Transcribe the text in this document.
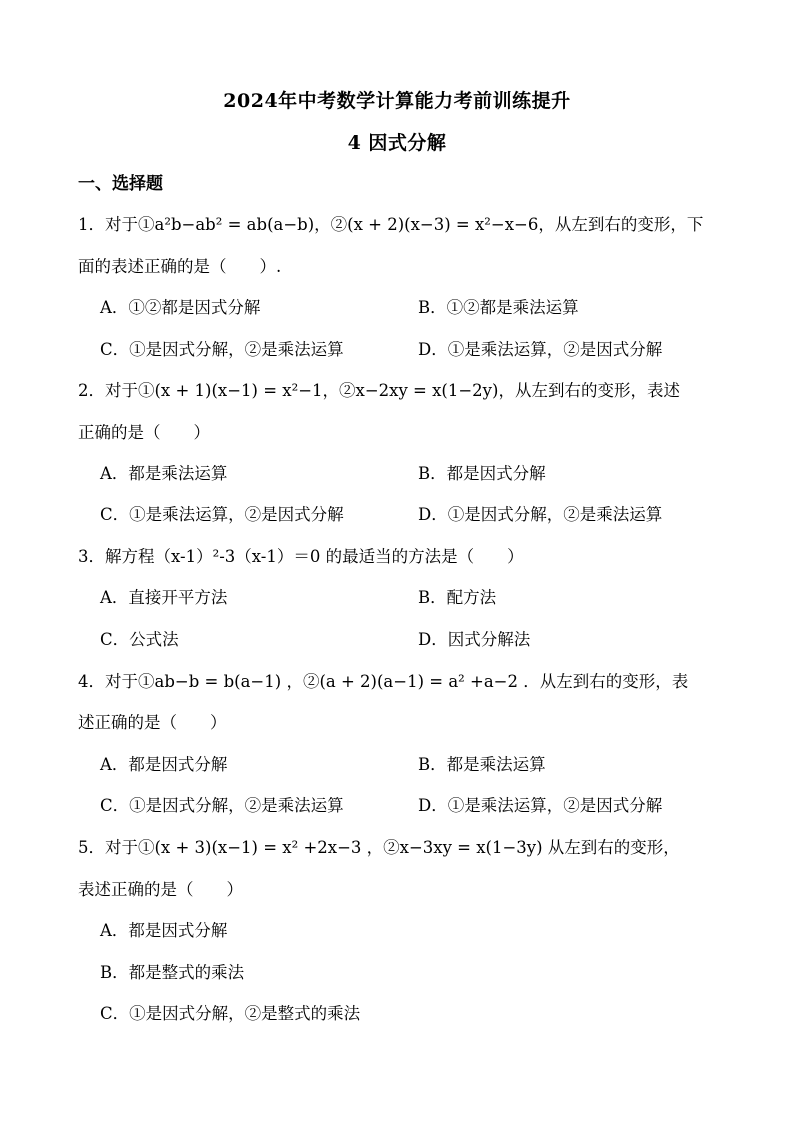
2024年中考数学计算能力考前训练提升
4 因式分解
一、选择题
1．对于①a²b−ab² = ab(a−b)，②(x + 2)(x−3) = x²−x−6，从左到右的变形，下
面的表述正确的是（　　）.
A．①②都是因式分解	B．①②都是乘法运算
C．①是因式分解，②是乘法运算	D．①是乘法运算，②是因式分解
2．对于①(x + 1)(x−1) = x²−1，②x−2xy = x(1−2y)，从左到右的变形，表述
正确的是（　　）
A．都是乘法运算	B．都是因式分解
C．①是乘法运算，②是因式分解	D．①是因式分解，②是乘法运算
3．解方程（x-1）²-3（x-1）＝0 的最适当的方法是（　　）
A．直接开平方法	B．配方法
C．公式法	D．因式分解法
4．对于①ab−b = b(a−1) ，②(a + 2)(a−1) = a² +a−2 ．从左到右的变形，表
述正确的是（　　）
A．都是因式分解	B．都是乘法运算
C．①是因式分解，②是乘法运算	D．①是乘法运算，②是因式分解
5．对于①(x + 3)(x−1) = x² +2x−3 ，②x−3xy = x(1−3y) 从左到右的变形，
表述正确的是（　　）
A．都是因式分解
B．都是整式的乘法
C．①是因式分解，②是整式的乘法
